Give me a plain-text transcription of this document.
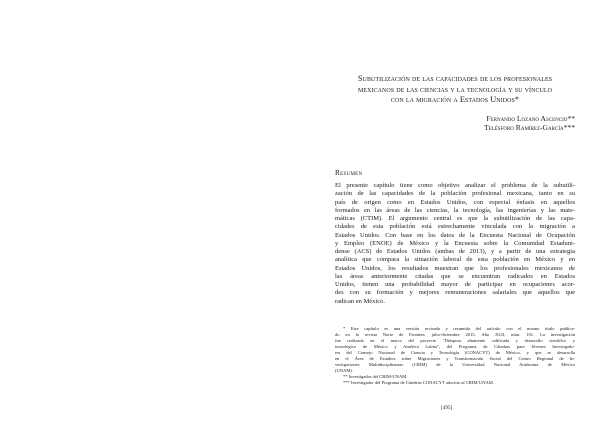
Subutilización de las capacidades de los profesionales
mexicanos de las ciencias y la tecnología y su vínculo
con la migración a Estados Unidos*
Fernando Lozano Ascencio**
Telésforo Ramírez-García***
Resumen
El presente capítulo tiene como objetivo analizar el problema de la subutili-
zación de las capacidades de la población profesional mexicana, tanto en su
país de origen como en Estados Unidos, con especial énfasis en aquellos
formados en las áreas de las ciencias, la tecnología, las ingenierías y las mate-
máticas (CTIM). El argumento central es que la subutilización de las capa-
cidades de esta población está estrechamente vinculada con la migración a
Estados Unidos. Con base en los datos de la Encuesta Nacional de Ocupación
y Empleo (ENOE) de México y la Encuesta sobre la Comunidad Estaduni-
dense (ACS) de Estados Unidos (ambas de 2013), y a partir de una estrategia
analítica que compara la situación laboral de esta población en México y en
Estados Unidos, los resultados muestran que los profesionales mexicanos de
las áreas anteriormente citadas que se encuentran radicados en Estados
Unidos, tienen una probabilidad mayor de participar en ocupaciones acor-
des con su formación y mejores remuneraciones salariales que aquellos que
radican en México.
* Este capítulo es una versión revisada y resumida del artículo con el mismo título publica-
do en la revista Norte de Frontera, julio-diciembre 2015, Año XLII, núm. 101. La investigación
fue realizada en el marco del proyecto "Diáspora altamente calificada y desarrollo científico y
tecnológico de México y América Latina", del Programa de Cátedras para Jóvenes Investigado-
res del Consejo Nacional de Ciencia y Tecnología (CONACYT) de México, y que se desarrolla
en el Área de Estudios sobre Migraciones y Transformación Social del Centro Regional de In-
vestigaciones Multidisciplinarias (CRIM) de la Universidad Nacional Autónoma de México
(UNAM).
** Investigador del CRIM-UNAM.
*** Investigador del Programa de Cátedras CONACYT adscrito al CRIM-UNAM.
[495]
